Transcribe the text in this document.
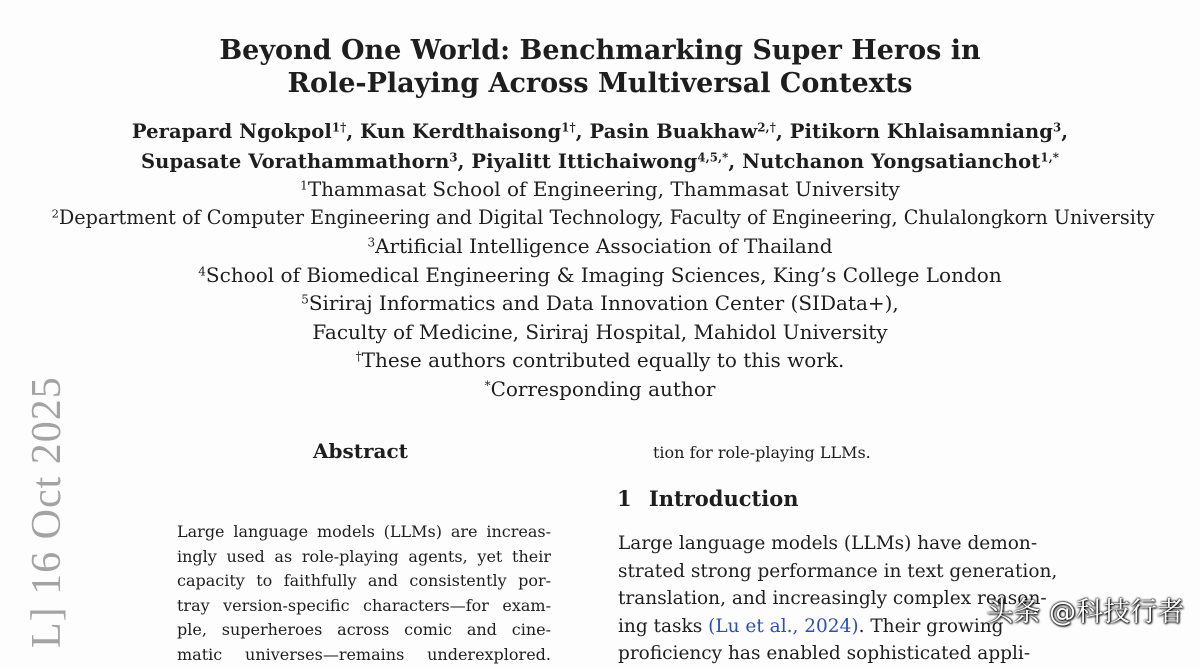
Beyond One World: Benchmarking Super Heros in
Role-Playing Across Multiversal Contexts
Perapard Ngokpol$^{1\dagger}$, Kun Kerdthaisong$^{1\dagger}$, Pasin Buakhaw$^{2,\dagger}$, Pitikorn Khlaisamniang$^3$,
Supasate Vorathammathorn$^3$, Piyalitt Ittichaiwong$^{4,5,*}$, Nutchanon Yongsatianchot$^{1,*}$
$^1$Thammasat School of Engineering, Thammasat University
$^2$Department of Computer Engineering and Digital Technology, Faculty of Engineering, Chulalongkorn University
$^3$Artificial Intelligence Association of Thailand
$^4$School of Biomedical Engineering & Imaging Sciences, King’s College London
$^5$Siriraj Informatics and Data Innovation Center (SIData+),
Faculty of Medicine, Siriraj Hospital, Mahidol University
†These authors contributed equally to this work.
*Corresponding author
L] 16 Oct 2025	Abstract
Large language models (LLMs) are increas-
ingly used as role-playing agents, yet their
capacity to faithfully and consistently por-
tray version-specific characters—for exam-
ple, superheroes across comic and cine-
matic universes—remains underexplored.
tion for role-playing LLMs.
1 Introduction
Large language models (LLMs) have demon-
strated strong performance in text generation,
translation, and increasingly complex reason-
ing tasks (Lu et al., 2024). Their growing
proficiency has enabled sophisticated appli-
头条 @科技行者
